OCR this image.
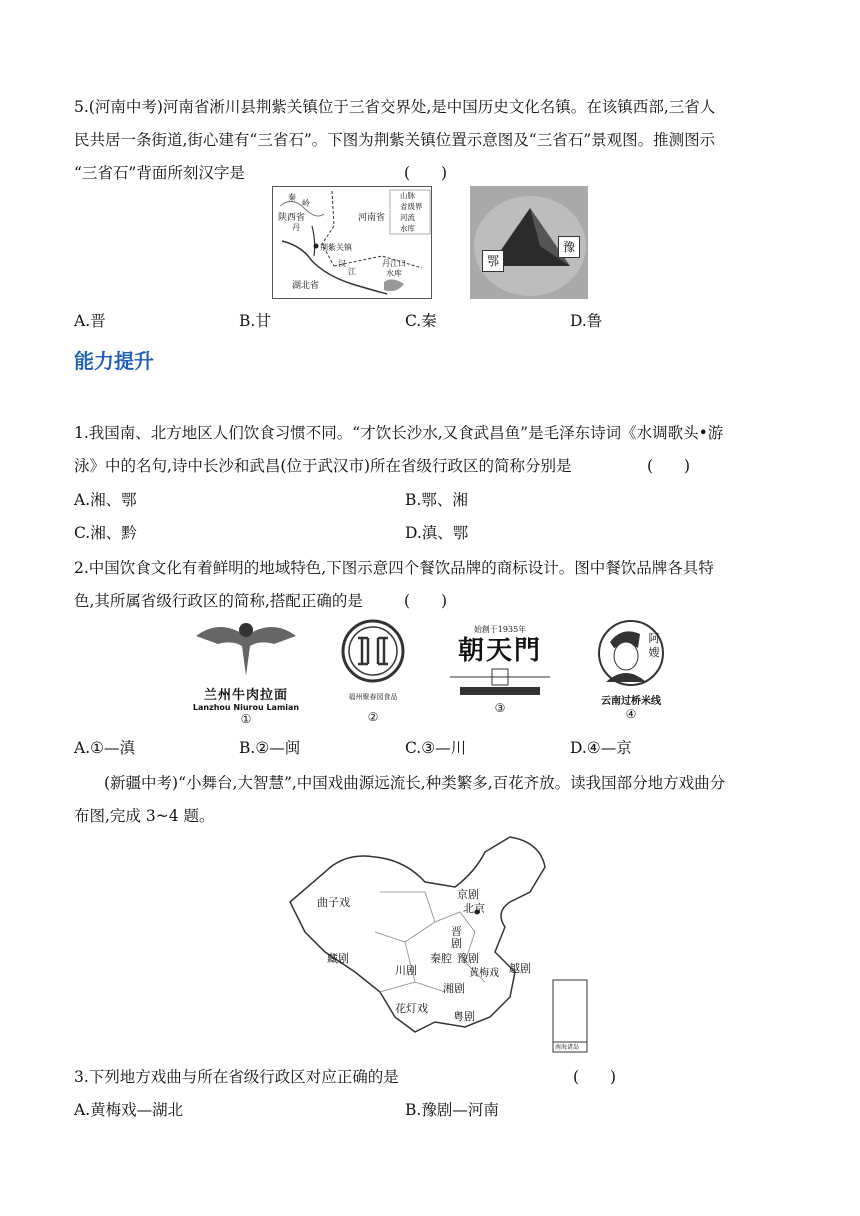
5.(河南中考)河南省淅川县荆紫关镇位于三省交界处,是中国历史文化名镇。在该镇西部,三省人
民共居一条街道,街心建有“三省石”。下图为荆紫关镇位置示意图及“三省石”景观图。推测图示
“三省石”背面所刻汉字是	(　　)
秦
岭
陕西省	河南省
丹
荆紫关镇
汉
江
湖北省
丹江口
水库
山脉
省级界
河流
水库
豫
鄂
A.晋	B.甘	C.秦	D.鲁
能力提升
1.我国南、北方地区人们饮食习惯不同。“才饮长沙水,又食武昌鱼”是毛泽东诗词《水调歌头•游
泳》中的名句,诗中长沙和武昌(位于武汉市)所在省级行政区的简称分别是	(　　)
A.湘、鄂	B.鄂、湘
C.湘、黔	D.滇、鄂
2.中国饮食文化有着鲜明的地域特色,下图示意四个餐饮品牌的商标设计。图中餐饮品牌各具特
色,其所属省级行政区的简称,搭配正确的是	(　　)
兰州牛肉拉面
Lanzhou Niurou Lamian
①
福州聚春园食品
②
始創于1935年
朝天門
③
阿嫂
云南过桥米线
④
A.①—滇	B.②—闽	C.③—川	D.④—京
(新疆中考)“小舞台,大智慧”,中国戏曲源远流长,种类繁多,百花齐放。读我国部分地方戏曲分
布图,完成 3~4 题。
京剧
北京
晋剧
曲子戏
藏剧
川剧
秦腔 豫剧
黄梅戏 越剧
湘剧
花灯戏
粤剧
南海诸岛
3.下列地方戏曲与所在省级行政区对应正确的是	(　　)
A.黄梅戏—湖北	B.豫剧—河南
